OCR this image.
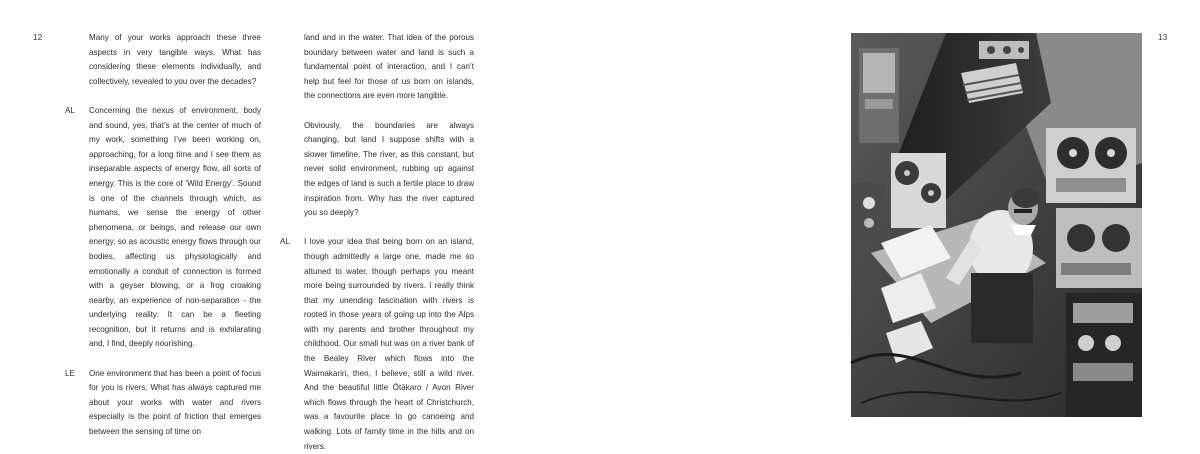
12	13

Many of your works approach these three aspects in very tangible ways. What has considering these elements individually, and collectively, revealed to you over the decades?

AL Concerning the nexus of environment, body and sound, yes, that’s at the center of much of my work, something I’ve been working on, approaching, for a long time and I see them as inseparable aspects of energy flow, all sorts of energy. This is the core of ‘Wild Energy’. Sound is one of the channels through which, as humans, we sense the energy of other phenomena, or beings, and release our own energy, so as acoustic energy flows through our bodies, affecting us physiologically and emotionally a conduit of connection is formed with a geyser blowing, or a frog croaking nearby, an experience of non-separation - the underlying reality. It can be a fleeting recognition, but it returns and is exhilarating and, I find, deeply nourishing.

LE One environment that has been a point of focus for you is rivers. What has always captured me about your works with water and rivers especially is the point of friction that emerges between the sensing of time on

land and in the water. That idea of the porous boundary between water and land is such a fundamental point of interaction, and I can’t help but feel for those of us born on islands, the connections are even more tangible.

Obviously, the boundaries are always changing, but land I suppose shifts with a slower timeline. The river, as this constant, but never solid environment, rubbing up against the edges of land is such a fertile place to draw inspiration from. Why has the river captured you so deeply?

AL I love your idea that being born on an island, though admittedly a large one, made me so attuned to water, though perhaps you meant more being surrounded by rivers. I really think that my unending fascination with rivers is rooted in those years of going up into the Alps with my parents and brother throughout my childhood. Our small hut was on a river bank of the Bealey River which flows into the Waimakariri, then, I believe, still a wild river. And the beautiful little Ōtākaro / Avon River which flows through the heart of Christchurch, was a favourite place to go canoeing and walking. Lots of family time in the hills and on rivers.
